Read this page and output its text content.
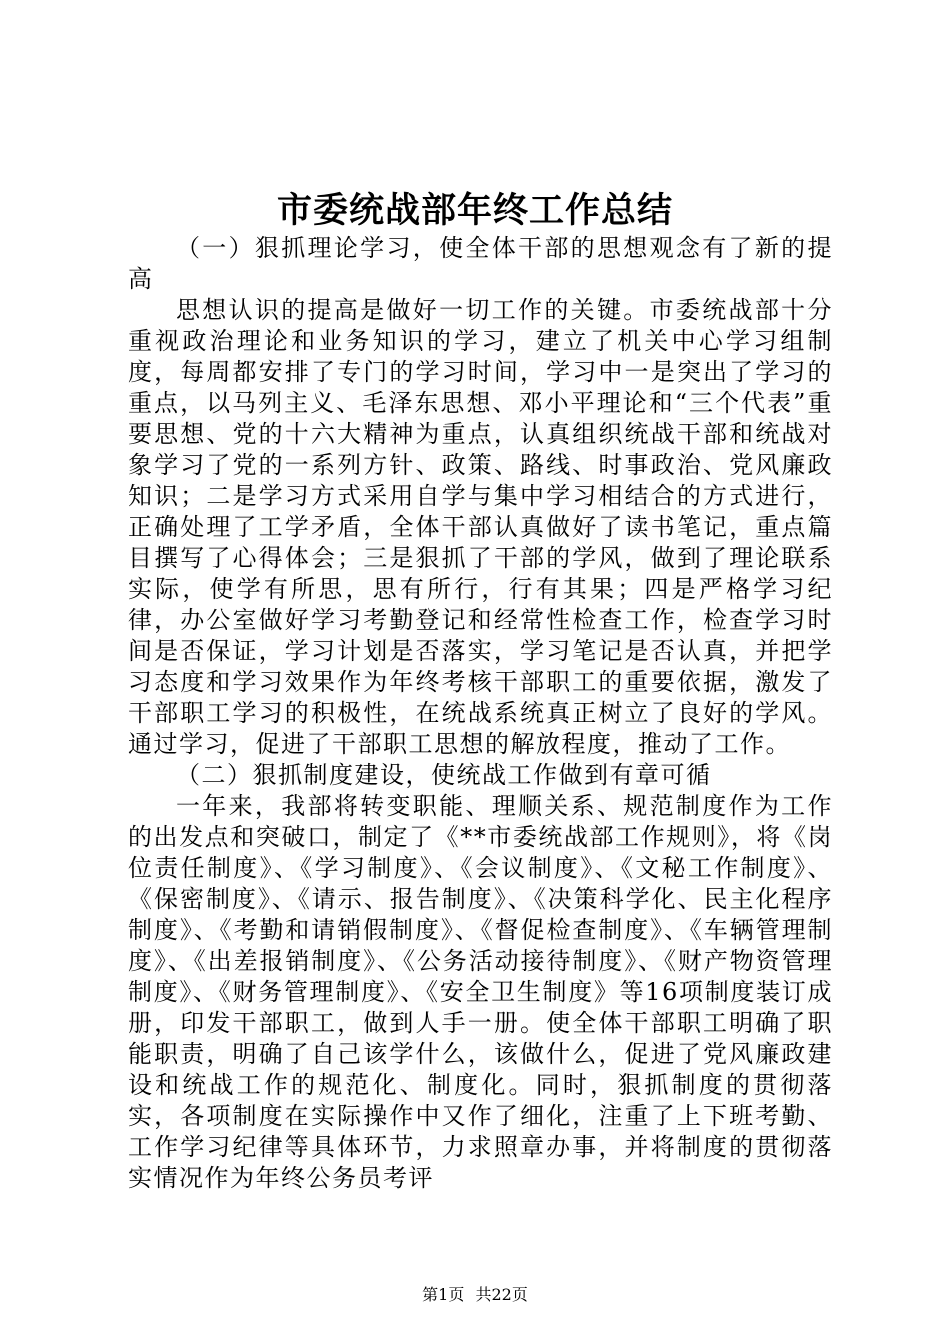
市委统战部年终工作总结

（一）狠抓理论学习，使全体干部的思想观念有了新的提高

思想认识的提高是做好一切工作的关键。市委统战部十分重视政治理论和业务知识的学习，建立了机关中心学习组制度，每周都安排了专门的学习时间，学习中一是突出了学习的重点，以马列主义、毛泽东思想、邓小平理论和“三个代表”重要思想、党的十六大精神为重点，认真组织统战干部和统战对象学习了党的一系列方针、政策、路线、时事政治、党风廉政知识；二是学习方式采用自学与集中学习相结合的方式进行，正确处理了工学矛盾，全体干部认真做好了读书笔记，重点篇目撰写了心得体会；三是狠抓了干部的学风，做到了理论联系实际，使学有所思，思有所行，行有其果；四是严格学习纪律，办公室做好学习考勤登记和经常性检查工作，检查学习时间是否保证，学习计划是否落实，学习笔记是否认真，并把学习态度和学习效果作为年终考核干部职工的重要依据，激发了干部职工学习的积极性，在统战系统真正树立了良好的学风。通过学习，促进了干部职工思想的解放程度，推动了工作。

（二）狠抓制度建设，使统战工作做到有章可循

一年来，我部将转变职能、理顺关系、规范制度作为工作的出发点和突破口，制定了《**市委统战部工作规则》，将《岗位责任制度》、《学习制度》、《会议制度》、《文秘工作制度》、《保密制度》、《请示、报告制度》、《决策科学化、民主化程序制度》、《考勤和请销假制度》、《督促检查制度》、《车辆管理制度》、《出差报销制度》、《公务活动接待制度》、《财产物资管理制度》、《财务管理制度》、《安全卫生制度》等16项制度装订成册，印发干部职工，做到人手一册。使全体干部职工明确了职能职责，明确了自己该学什么，该做什么，促进了党风廉政建设和统战工作的规范化、制度化。同时，狠抓制度的贯彻落实，各项制度在实际操作中又作了细化，注重了上下班考勤、工作学习纪律等具体环节，力求照章办事，并将制度的贯彻落实情况作为年终公务员考评

第1页 共22页
